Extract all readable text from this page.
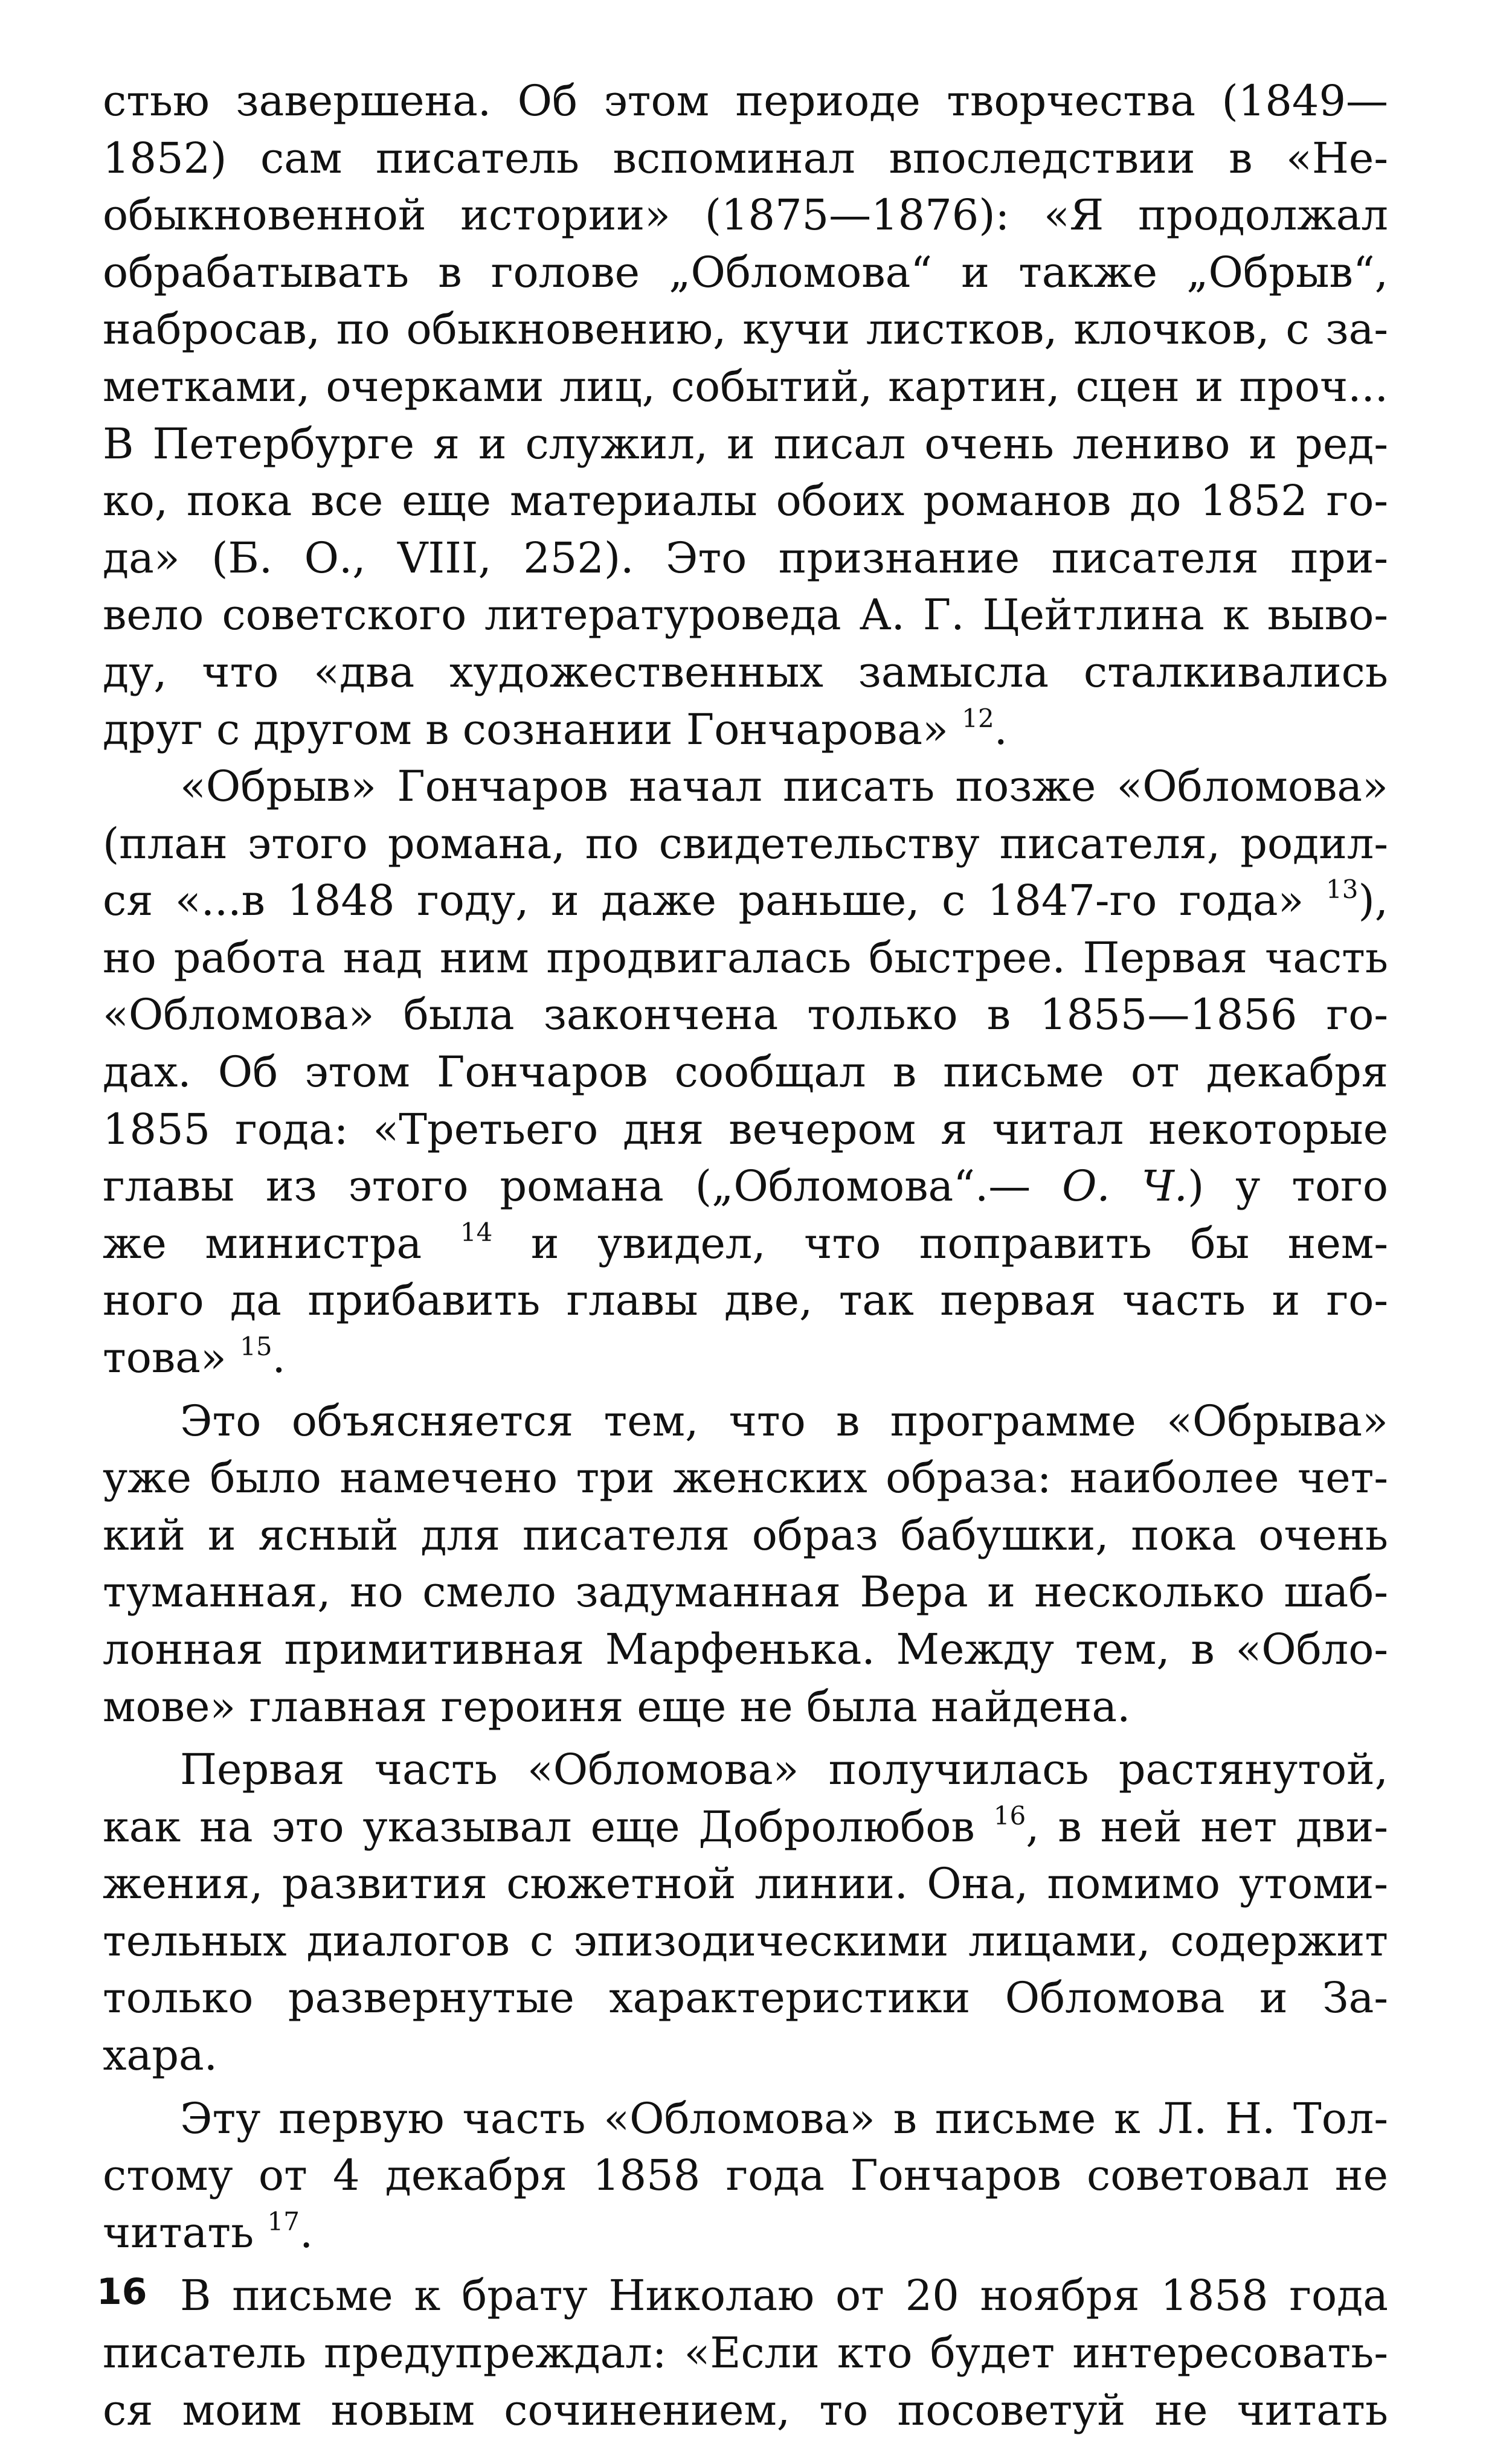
стью завершена. Об этом периоде творчества (1849—
1852) сам писатель вспоминал впоследствии в «Не-
обыкновенной истории» (1875—1876): «Я продолжал
обрабатывать в голове „Обломова“ и также „Обрыв“,
набросав, по обыкновению, кучи листков, клочков, с за-
метками, очерками лиц, событий, картин, сцен и проч...
В Петербурге я и служил, и писал очень лениво и ред-
ко, пока все еще материалы обоих романов до 1852 го-
да» (Б. О., VIII, 252). Это признание писателя при-
вело советского литературоведа А. Г. Цейтлина к выво-
ду, что «два художественных замысла сталкивались
друг с другом в сознании Гончарова» $^{12}$.
«Обрыв» Гончаров начал писать позже «Обломова»
(план этого романа, по свидетельству писателя, родил-
ся «...в 1848 году, и даже раньше, с 1847-го года» $^{13}$),
но работа над ним продвигалась быстрее. Первая часть
«Обломова» была закончена только в 1855—1856 го-
дах. Об этом Гончаров сообщал в письме от декабря
1855 года: «Третьего дня вечером я читал некоторые
главы из этого романа („Обломова“.— О. Ч.) у того
же министра $^{14}$ и увидел, что поправить бы нем-
ного да прибавить главы две, так первая часть и го-
това» $^{15}$.
Это объясняется тем, что в программе «Обрыва»
уже было намечено три женских образа: наиболее чет-
кий и ясный для писателя образ бабушки, пока очень
туманная, но смело задуманная Вера и несколько шаб-
лонная примитивная Марфенька. Между тем, в «Обло-
мове» главная героиня еще не была найдена.
Первая часть «Обломова» получилась растянутой,
как на это указывал еще Добролюбов $^{16}$, в ней нет дви-
жения, развития сюжетной линии. Она, помимо утоми-
тельных диалогов с эпизодическими лицами, содержит
только развернутые характеристики Обломова и За-
хара.
Эту первую часть «Обломова» в письме к Л. Н. Тол-
стому от 4 декабря 1858 года Гончаров советовал не
читать $^{17}$.
В письме к брату Николаю от 20 ноября 1858 года
писатель предупреждал: «Если кто будет интересовать-
ся моим новым сочинением, то посоветуй не читать
16
